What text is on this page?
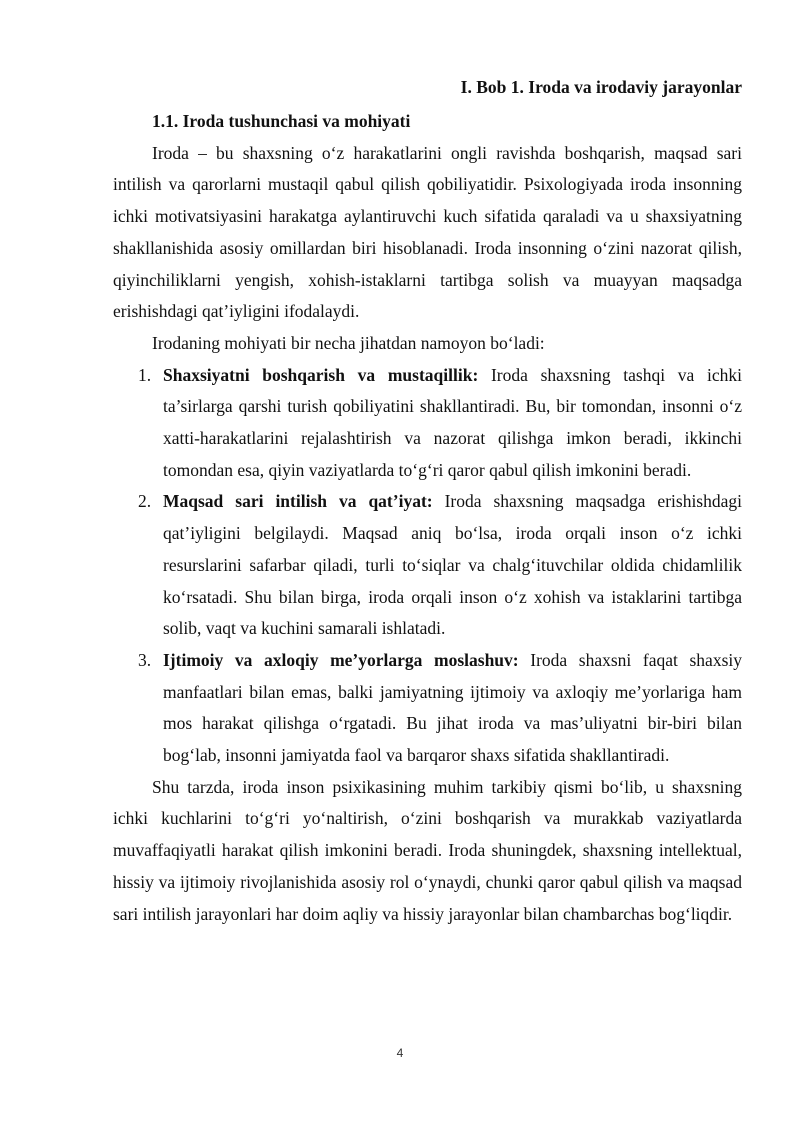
I. Bob 1. Iroda va irodaviy jarayonlar
1.1. Iroda tushunchasi va mohiyati

Iroda – bu shaxsning o‘z harakatlarini ongli ravishda boshqarish, maqsad sari intilish va qarorlarni mustaqil qabul qilish qobiliyatidir. Psixologiyada iroda insonning ichki motivatsiyasini harakatga aylantiruvchi kuch sifatida qaraladi va u shaxsiyatning shakllanishida asosiy omillardan biri hisoblanadi. Iroda insonning o‘zini nazorat qilish, qiyinchiliklarni yengish, xohish-istaklarni tartibga solish va muayyan maqsadga erishishdagi qat’iyligini ifodalaydi.

Irodaning mohiyati bir necha jihatdan namoyon bo‘ladi:

1. Shaxsiyatni boshqarish va mustaqillik: Iroda shaxsning tashqi va ichki ta’sirlarga qarshi turish qobiliyatini shakllantiradi. Bu, bir tomondan, insonni o‘z xatti-harakatlarini rejalashtirish va nazorat qilishga imkon beradi, ikkinchi tomondan esa, qiyin vaziyatlarda to‘g‘ri qaror qabul qilish imkonini beradi.
2. Maqsad sari intilish va qat’iyat: Iroda shaxsning maqsadga erishishdagi qat’iyligini belgilaydi. Maqsad aniq bo‘lsa, iroda orqali inson o‘z ichki resurslarini safarbar qiladi, turli to‘siqlar va chalg‘ituvchilar oldida chidamlilik ko‘rsatadi. Shu bilan birga, iroda orqali inson o‘z xohish va istaklarini tartibga solib, vaqt va kuchini samarali ishlatadi.
3. Ijtimoiy va axloqiy me’yorlarga moslashuv: Iroda shaxsni faqat shaxsiy manfaatlari bilan emas, balki jamiyatning ijtimoiy va axloqiy me’yorlariga ham mos harakat qilishga o‘rgatadi. Bu jihat iroda va mas’uliyatni bir-biri bilan bog‘lab, insonni jamiyatda faol va barqaror shaxs sifatida shakllantiradi.

Shu tarzda, iroda inson psixikasining muhim tarkibiy qismi bo‘lib, u shaxsning ichki kuchlarini to‘g‘ri yo‘naltirish, o‘zini boshqarish va murakkab vaziyatlarda muvaffaqiyatli harakat qilish imkonini beradi. Iroda shuningdek, shaxsning intellektual, hissiy va ijtimoiy rivojlanishida asosiy rol o‘ynaydi, chunki qaror qabul qilish va maqsad sari intilish jarayonlari har doim aqliy va hissiy jarayonlar bilan chambarchas bog‘liqdir.

4
